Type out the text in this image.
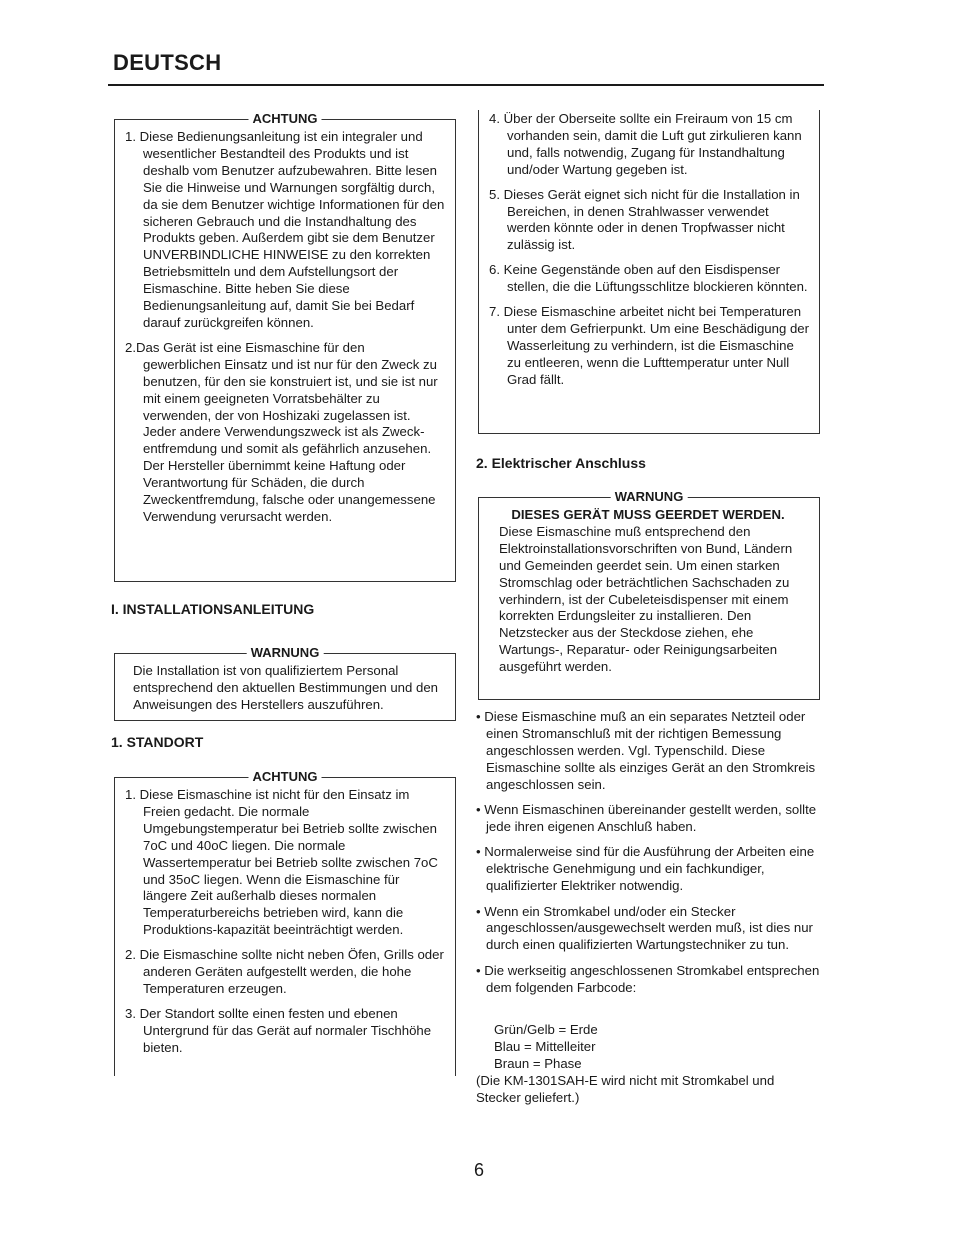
DEUTSCH
ACHTUNG
1. Diese Bedienungsanleitung ist ein integraler und wesentlicher Bestandteil des Produkts und ist deshalb vom Benutzer aufzubewahren. Bitte lesen Sie die Hinweise und Warnungen sorgfältig durch, da sie dem Benutzer wichtige Informationen für den sicheren Gebrauch und die Instandhaltung des Produkts geben. Außerdem gibt sie dem Benutzer UNVERBINDLICHE HINWEISE zu den korrekten Betriebsmitteln und dem Aufstellungsort der Eismaschine. Bitte heben Sie diese Bedienungsanleitung auf, damit Sie bei Bedarf darauf zurückgreifen können.
2.Das Gerät ist eine Eismaschine für den gewerblichen Einsatz und ist nur für den Zweck zu benutzen, für den sie konstruiert ist, und sie ist nur mit einem geeigneten Vorratsbehälter zu verwenden, der von Hoshizaki zugelassen ist. Jeder andere Verwendungszweck ist als Zweck-entfremdung und somit als gefährlich anzusehen. Der Hersteller übernimmt keine Haftung oder Verantwortung für Schäden, die durch Zweckentfremdung, falsche oder unangemessene Verwendung verursacht werden.
I. INSTALLATIONSANLEITUNG
WARNUNG

Die Installation ist von qualifiziertem Personal entsprechend den aktuellen Bestimmungen und den Anweisungen des Herstellers auszuführen.

1. STANDORT
ACHTUNG
1. Diese Eismaschine ist nicht für den Einsatz im Freien gedacht. Die normale Umgebungstemperatur bei Betrieb sollte zwischen 7oC und 40oC liegen. Die normale Wassertemperatur bei Betrieb sollte zwischen 7oC und 35oC liegen. Wenn die Eismaschine für längere Zeit außerhalb dieses normalen Temperaturbereichs betrieben wird, kann die Produktions-kapazität beeinträchtigt werden.
2. Die Eismaschine sollte nicht neben Öfen, Grills oder anderen Geräten aufgestellt werden, die hohe Temperaturen erzeugen.
3. Der Standort sollte einen festen und ebenen Untergrund für das Gerät auf normaler Tischhöhe bieten.
4. Über der Oberseite sollte ein Freiraum von 15 cm vorhanden sein, damit die Luft gut zirkulieren kann und, falls notwendig, Zugang für Instandhaltung und/oder Wartung gegeben ist.
5. Dieses Gerät eignet sich nicht für die Installation in Bereichen, in denen Strahlwasser verwendet werden könnte oder in denen Tropfwasser nicht zulässig ist.
6. Keine Gegenstände oben auf den Eisdispenser stellen, die die Lüftungsschlitze blockieren könnten.
7. Diese Eismaschine arbeitet nicht bei Temperaturen unter dem Gefrierpunkt. Um eine Beschädigung der Wasserleitung zu verhindern, ist die Eismaschine zu entleeren, wenn die Lufttemperatur unter Null Grad fällt.
2. Elektrischer Anschluss
WARNUNG
DIESES GERÄT MUSS GEERDET WERDEN.

Diese Eismaschine muß entsprechend den Elektroinstallationsvorschriften von Bund, Ländern und Gemeinden geerdet sein. Um einen starken Stromschlag oder beträchtlichen Sachschaden zu verhindern, ist der Cubeleteisdispenser mit einem korrekten Erdungsleiter zu installieren. Den Netzstecker aus der Steckdose ziehen, ehe Wartungs-, Reparatur- oder Reinigungsarbeiten ausgeführt werden.

• Diese Eismaschine muß an ein separates Netzteil oder einen Stromanschluß mit der richtigen Bemessung angeschlossen werden. Vgl. Typenschild. Diese Eismaschine sollte als einziges Gerät an den Stromkreis angeschlossen sein.
• Wenn Eismaschinen übereinander gestellt werden, sollte jede ihren eigenen Anschluß haben.
• Normalerweise sind für die Ausführung der Arbeiten eine elektrische Genehmigung und ein fachkundiger, qualifizierter Elektriker notwendig.
• Wenn ein Stromkabel und/oder ein Stecker angeschlossen/ausgewechselt werden muß, ist dies nur durch einen qualifizierten Wartungstechniker zu tun.
• Die werkseitig angeschlossenen Stromkabel entsprechen dem folgenden Farbcode:
Grün/Gelb = Erde
Blau = Mittelleiter
Braun = Phase

(Die KM-1301SAH-E wird nicht mit Stromkabel und Stecker geliefert.)

6
